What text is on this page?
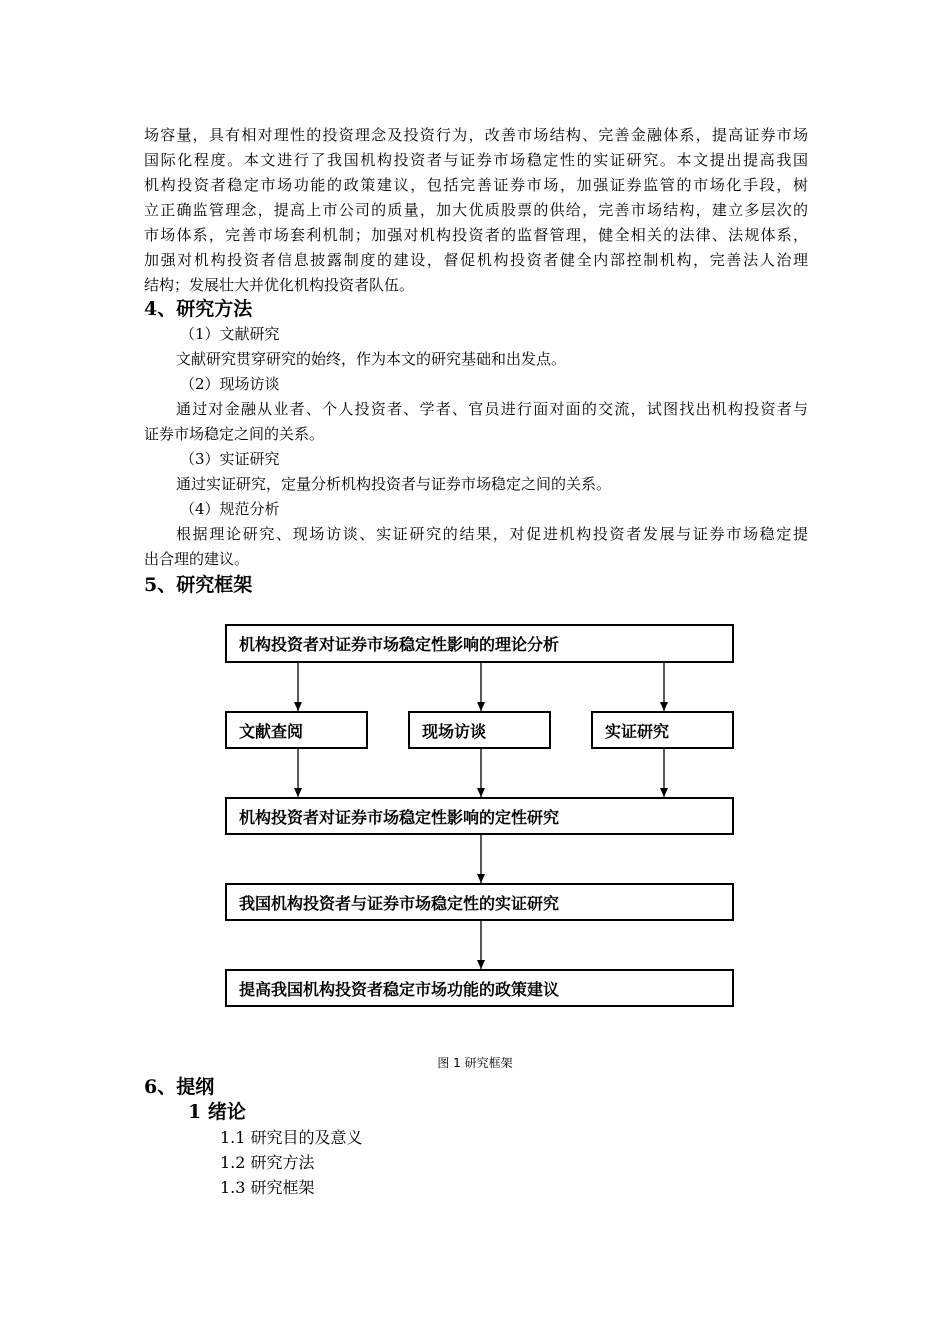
场容量，具有相对理性的投资理念及投资行为，改善市场结构、完善金融体系，提高证券市场
国际化程度。本文进行了我国机构投资者与证券市场稳定性的实证研究。本文提出提高我国
机构投资者稳定市场功能的政策建议，包括完善证券市场，加强证券监管的市场化手段，树
立正确监管理念，提高上市公司的质量，加大优质股票的供给，完善市场结构，建立多层次的
市场体系，完善市场套利机制；加强对机构投资者的监督管理，健全相关的法律、法规体系，
加强对机构投资者信息披露制度的建设，督促机构投资者健全内部控制机构，完善法人治理
结构；发展壮大并优化机构投资者队伍。
4、研究方法
（1）文献研究
文献研究贯穿研究的始终，作为本文的研究基础和出发点。
（2）现场访谈
通过对金融从业者、个人投资者、学者、官员进行面对面的交流，试图找出机构投资者与
证券市场稳定之间的关系。
（3）实证研究
通过实证研究，定量分析机构投资者与证券市场稳定之间的关系。
（4）规范分析
根据理论研究、现场访谈、实证研究的结果，对促进机构投资者发展与证券市场稳定提
出合理的建议。
5、研究框架
机构投资者对证券市场稳定性影响的理论分析
文献查阅	现场访谈	实证研究
机构投资者对证券市场稳定性影响的定性研究
我国机构投资者与证券市场稳定性的实证研究
提高我国机构投资者稳定市场功能的政策建议
图 1 研究框架
6、提纲
1 绪论
1.1 研究目的及意义
1.2 研究方法
1.3 研究框架
